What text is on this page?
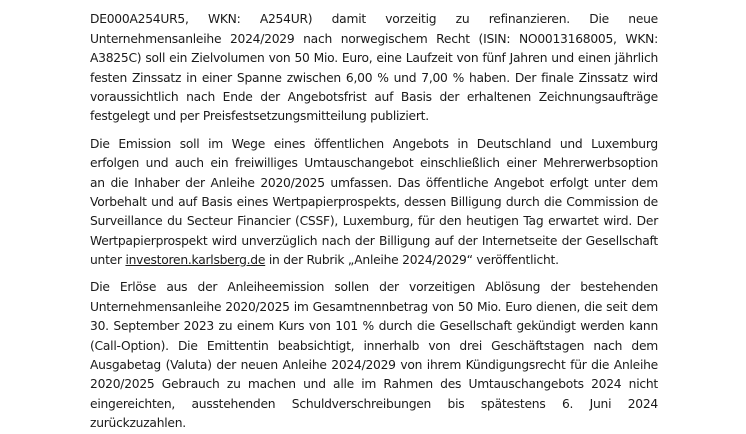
DE000A254UR5, WKN: A254UR) damit vorzeitig zu refinanzieren. Die neue
Unternehmensanleihe 2024/2029 nach norwegischem Recht (ISIN: NO0013168005, WKN:
A3825C) soll ein Zielvolumen von 50 Mio. Euro, eine Laufzeit von fünf Jahren und einen jährlich
festen Zinssatz in einer Spanne zwischen 6,00 % und 7,00 % haben. Der finale Zinssatz wird
voraussichtlich nach Ende der Angebotsfrist auf Basis der erhaltenen Zeichnungsaufträge
festgelegt und per Preisfestsetzungsmitteilung publiziert.
Die Emission soll im Wege eines öffentlichen Angebots in Deutschland und Luxemburg
erfolgen und auch ein freiwilliges Umtauschangebot einschließlich einer Mehrerwerbsoption
an die Inhaber der Anleihe 2020/2025 umfassen. Das öffentliche Angebot erfolgt unter dem
Vorbehalt und auf Basis eines Wertpapierprospekts, dessen Billigung durch die Commission de
Surveillance du Secteur Financier (CSSF), Luxemburg, für den heutigen Tag erwartet wird. Der
Wertpapierprospekt wird unverzüglich nach der Billigung auf der Internetseite der Gesellschaft
unter investoren.karlsberg.de in der Rubrik „Anleihe 2024/2029“ veröffentlicht.
Die Erlöse aus der Anleiheemission sollen der vorzeitigen Ablösung der bestehenden
Unternehmensanleihe 2020/2025 im Gesamtnennbetrag von 50 Mio. Euro dienen, die seit dem
30. September 2023 zu einem Kurs von 101 % durch die Gesellschaft gekündigt werden kann
(Call-Option). Die Emittentin beabsichtigt, innerhalb von drei Geschäftstagen nach dem
Ausgabetag (Valuta) der neuen Anleihe 2024/2029 von ihrem Kündigungsrecht für die Anleihe
2020/2025 Gebrauch zu machen und alle im Rahmen des Umtauschangebots 2024 nicht
eingereichten, ausstehenden Schuldverschreibungen bis spätestens 6. Juni 2024
zurückzuzahlen.
